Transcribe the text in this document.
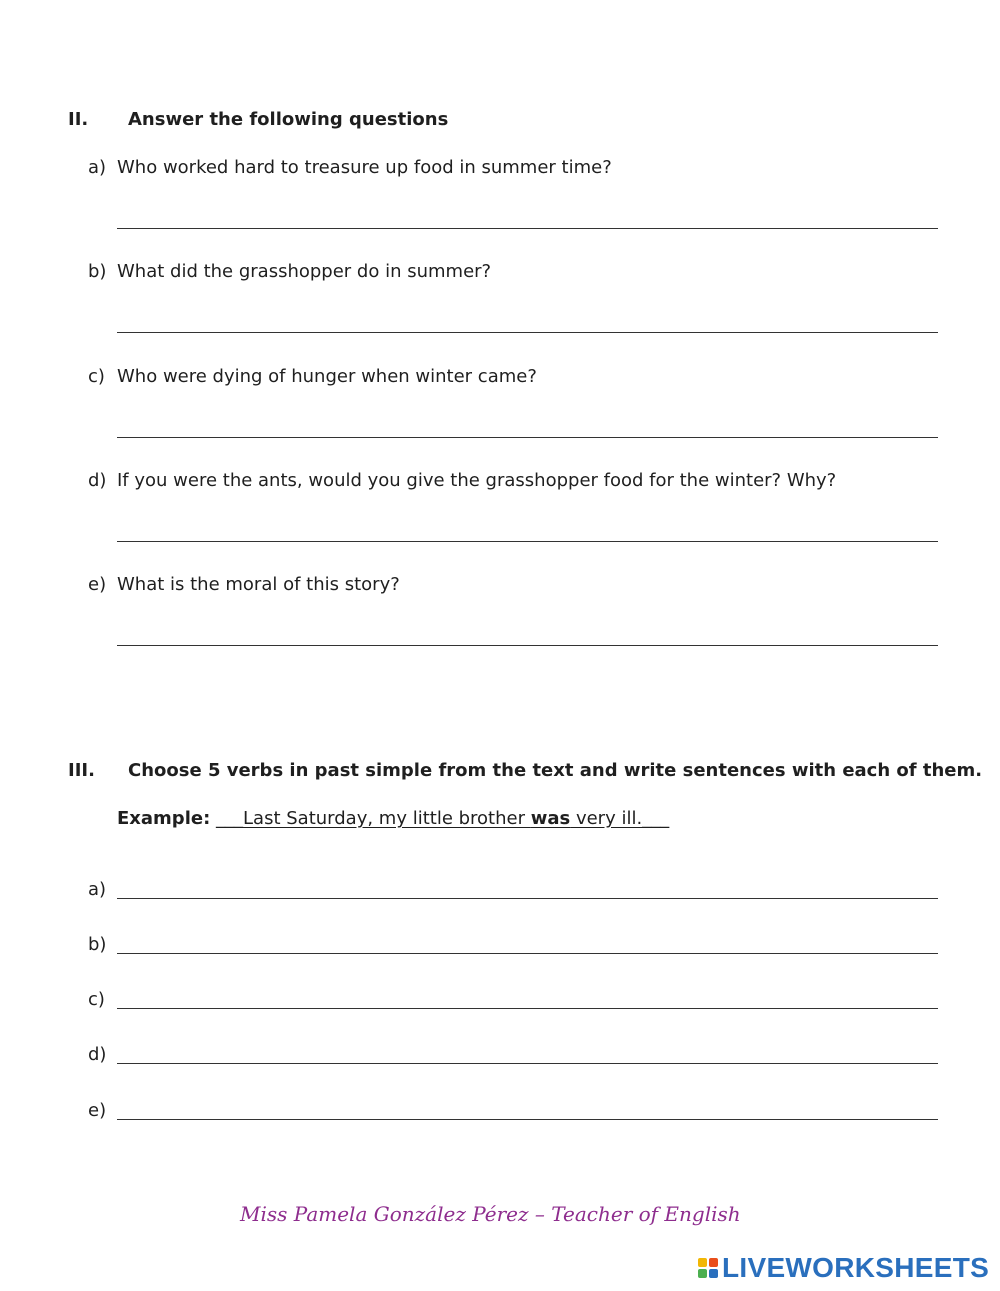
II. Answer the following questions
a) Who worked hard to treasure up food in summer time?
b) What did the grasshopper do in summer?
c) Who were dying of hunger when winter came?
d) If you were the ants, would you give the grasshopper food for the winter? Why?
e) What is the moral of this story?
III. Choose 5 verbs in past simple from the text and write sentences with each of them.
Example: ___Last Saturday, my little brother was very ill.___
a)
b)
c)
d)
e)
Miss Pamela González Pérez – Teacher of English
LIVEWORKSHEETS
